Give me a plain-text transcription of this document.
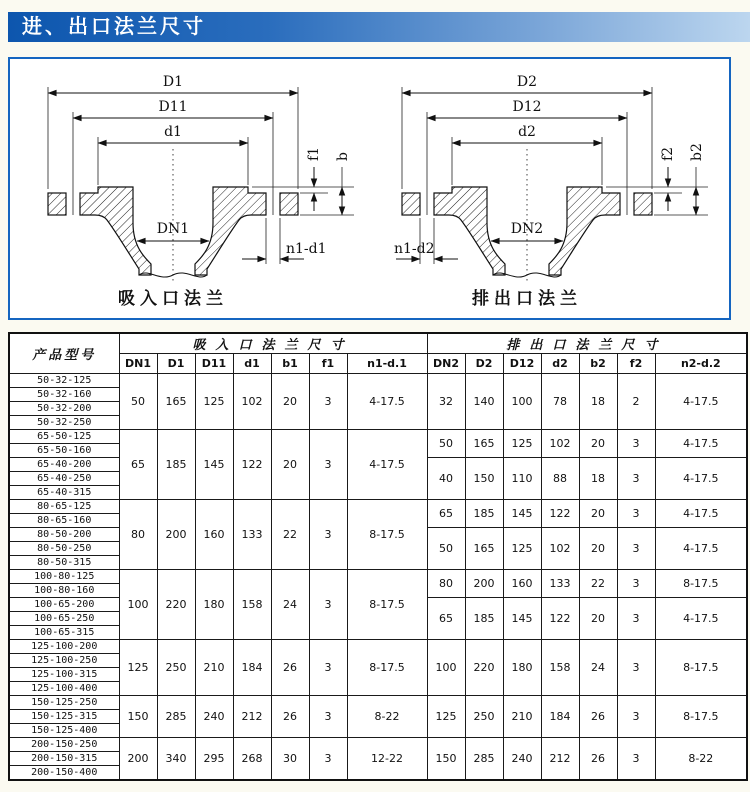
进、出口法兰尺寸
D1
D11
d1
DN1
n1-d1
f1 b
吸入口法兰
D2
D12
d2
DN2
n1-d2
f2 b2
排出口法兰
产品型号	吸入口法兰尺寸							排出口法兰尺寸						
	DN1	D1	D11	d1	b1	f1	n1-d.1	DN2	D2	D12	d2	b2	f2	n2-d.2
50-32-125	50	165	125	102	20	3	4-17.5	32	140	100	78	18	2	4-17.5
50-32-160														
50-32-200														
50-32-250														
65-50-125	65	185	145	122	20	3	4-17.5	50	165	125	102	20	3	4-17.5
65-50-160														
65-40-200								40	150	110	88	18	3	4-17.5
65-40-250														
65-40-315														
80-65-125	80	200	160	133	22	3	8-17.5	65	185	145	122	20	3	4-17.5
80-65-160														
80-50-200								50	165	125	102	20	3	4-17.5
80-50-250														
80-50-315														
100-80-125	100	220	180	158	24	3	8-17.5	80	200	160	133	22	3	8-17.5
100-80-160														
100-65-200								65	185	145	122	20	3	4-17.5
100-65-250														
100-65-315														
125-100-200	125	250	210	184	26	3	8-17.5	100	220	180	158	24	3	8-17.5
125-100-250														
125-100-315														
125-100-400														
150-125-250	150	285	240	212	26	3	8-22	125	250	210	184	26	3	8-17.5
150-125-315														
150-125-400														
200-150-250	200	340	295	268	30	3	12-22	150	285	240	212	26	3	8-22
200-150-315														
200-150-400														
